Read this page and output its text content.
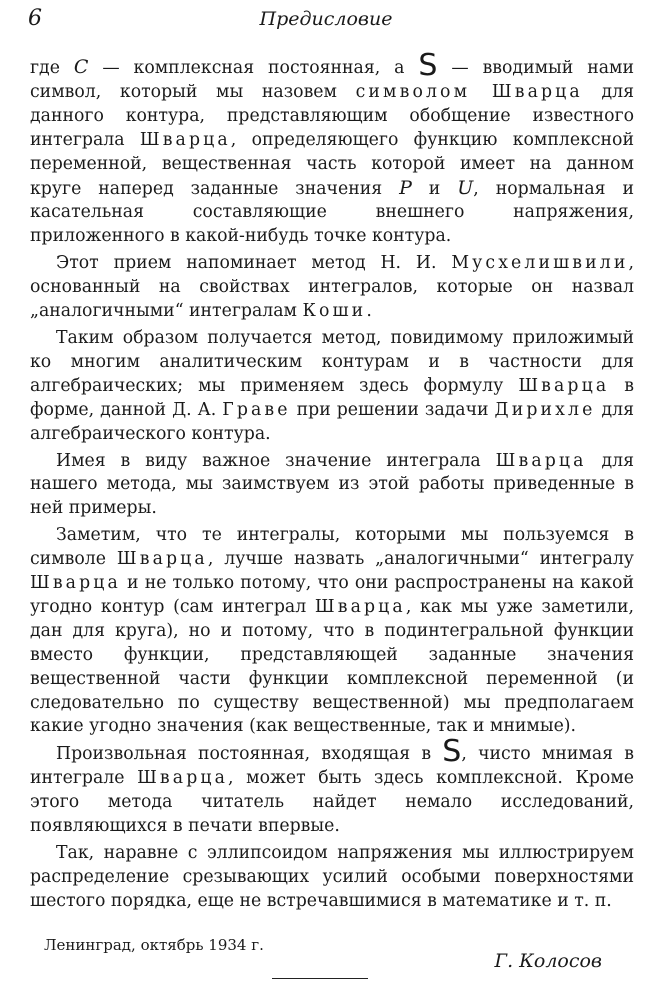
6	Предисловие

где C — комплексная постоянная, а S — вводимый нами символ, который мы назовем символом Шварца для данного контура, представляющим обобщение известного интеграла Шварца, определяющего функцию комплексной переменной, вещественная часть которой имеет на данном круге наперед заданные значения P и U, нормальная и касательная составляющие внешнего напряжения, приложенного в какой-нибудь точке контура.

Этот прием напоминает метод Н. И. Мусхелишвили, основанный на свойствах интегралов, которые он назвал „аналогичными“ интегралам Коши.

Таким образом получается метод, повидимому приложимый ко многим аналитическим контурам и в частности для алгебраических; мы применяем здесь формулу Шварца в форме, данной Д. А. Граве при решении задачи Дирихле для алгебраического контура.

Имея в виду важное значение интеграла Шварца для нашего метода, мы заимствуем из этой работы приведенные в ней примеры.

Заметим, что те интегралы, которыми мы пользуемся в символе Шварца, лучше назвать „аналогичными“ интегралу Шварца и не только потому, что они распространены на какой угодно контур (сам интеграл Шварца, как мы уже заметили, дан для круга), но и потому, что в подинтегральной функции вместо функции, представляющей заданные значения вещественной части функции комплексной переменной (и следовательно по существу вещественной) мы предполагаем какие угодно значения (как вещественные, так и мнимые).

Произвольная постоянная, входящая в S, чисто мнимая в интеграле Шварца, может быть здесь комплексной. Кроме этого метода читатель найдет немало исследований, появляющихся в печати впервые.

Так, наравне с эллипсоидом напряжения мы иллюстрируем распределение срезывающих усилий особыми поверхностями шестого порядка, еще не встречавшимися в математике и т. п.

Ленинград, октябрь 1934 г.
Г. Колосов
